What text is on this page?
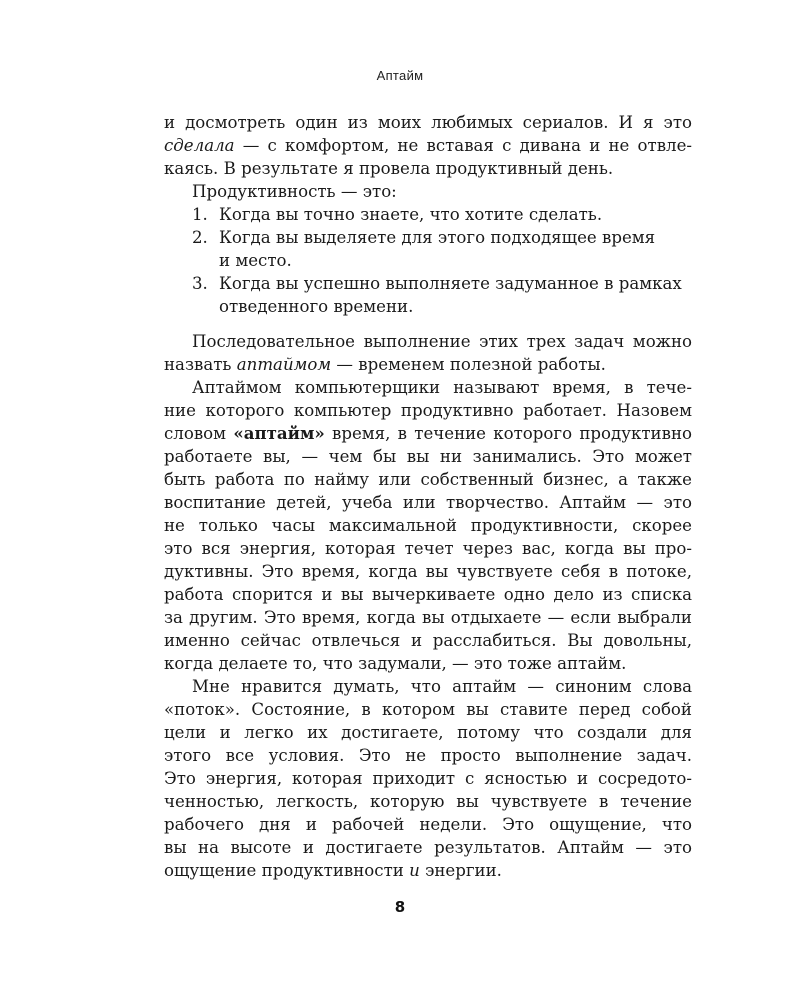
Аптайм
и досмотреть один из моих любимых сериалов. И я это
сделала — с комфортом, не вставая с дивана и не отвле-
каясь. В результате я провела продуктивный день.
Продуктивность — это:
1. Когда вы точно знаете, что хотите сделать.
2. Когда вы выделяете для этого подходящее время
и место.
3. Когда вы успешно выполняете задуманное в рамках
отведенного времени.
Последовательное выполнение этих трех задач можно
назвать аптаймом — временем полезной работы.
Аптаймом компьютерщики называют время, в тече-
ние которого компьютер продуктивно работает. Назовем
словом «аптайм» время, в течение которого продуктивно
работаете вы, — чем бы вы ни занимались. Это может
быть работа по найму или собственный бизнес, а также
воспитание детей, учеба или творчество. Аптайм — это
не только часы максимальной продуктивности, скорее
это вся энергия, которая течет через вас, когда вы про-
дуктивны. Это время, когда вы чувствуете себя в потоке,
работа спорится и вы вычеркиваете одно дело из списка
за другим. Это время, когда вы отдыхаете — если выбрали
именно сейчас отвлечься и расслабиться. Вы довольны,
когда делаете то, что задумали, — это тоже аптайм.
Мне нравится думать, что аптайм — синоним слова
«поток». Состояние, в котором вы ставите перед собой
цели и легко их достигаете, потому что создали для
этого все условия. Это не просто выполнение задач.
Это энергия, которая приходит с ясностью и сосредото-
ченностью, легкость, которую вы чувствуете в течение
рабочего дня и рабочей недели. Это ощущение, что
вы на высоте и достигаете результатов. Аптайм — это
ощущение продуктивности и энергии.
8
